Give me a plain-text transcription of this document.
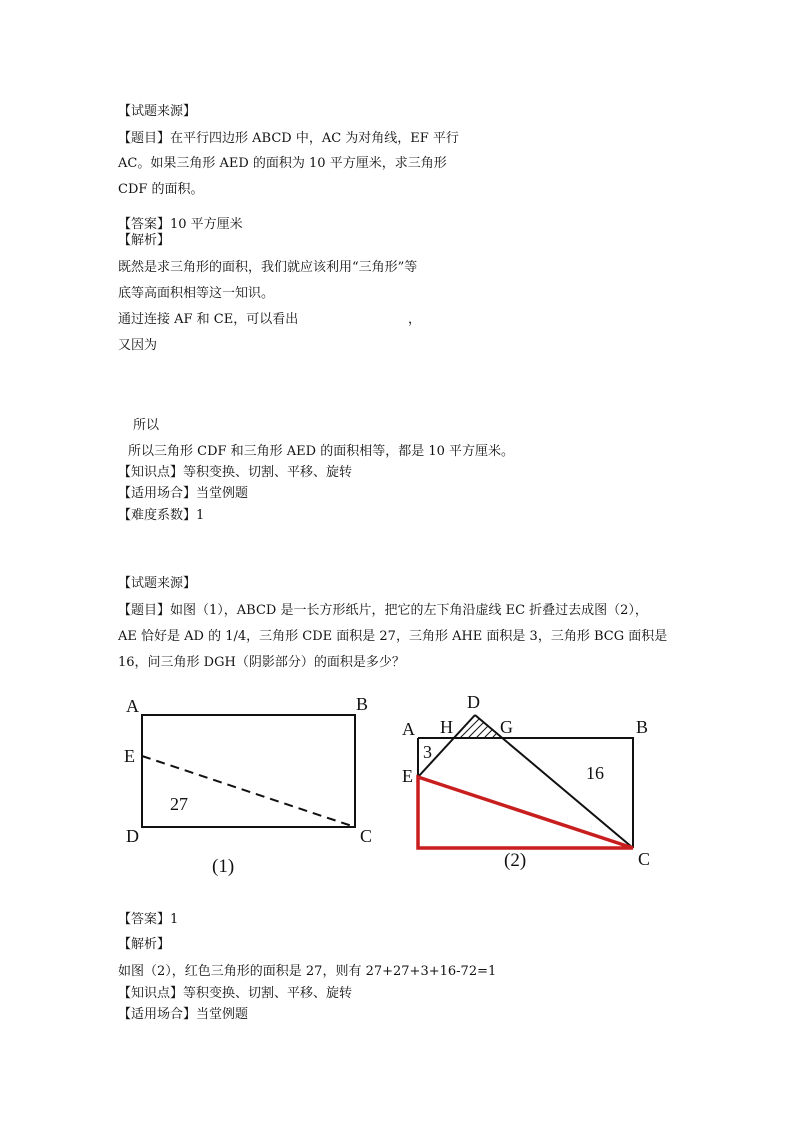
【试题来源】
【题目】在平行四边形 ABCD 中，AC 为对角线，EF 平行
AC。如果三角形 AED 的面积为 10 平方厘米，求三角形
CDF 的面积。
【答案】10 平方厘米
【解析】
既然是求三角形的面积，我们就应该利用“三角形”等
底等高面积相等这一知识。
通过连接 AF 和 CE，可以看出	，
又因为
所以
所以三角形 CDF 和三角形 AED 的面积相等，都是 10 平方厘米。
【知识点】等积变换、切割、平移、旋转
【适用场合】当堂例题
【难度系数】1
【试题来源】
【题目】如图（1），ABCD 是一长方形纸片，把它的左下角沿虚线 EC 折叠过去成图（2），
AE 恰好是 AD 的 1/4，三角形 CDE 面积是 27，三角形 AHE 面积是 3，三角形 BCG 面积是
16，问三角形 DGH（阴影部分）的面积是多少？
A	B
E
D	C
27
(1)
D
A H	G	B
3
16
E
C
(2)
【答案】1
【解析】
如图（2），红色三角形的面积是 27，则有 27+27+3+16-72=1
【知识点】等积变换、切割、平移、旋转
【适用场合】当堂例题
